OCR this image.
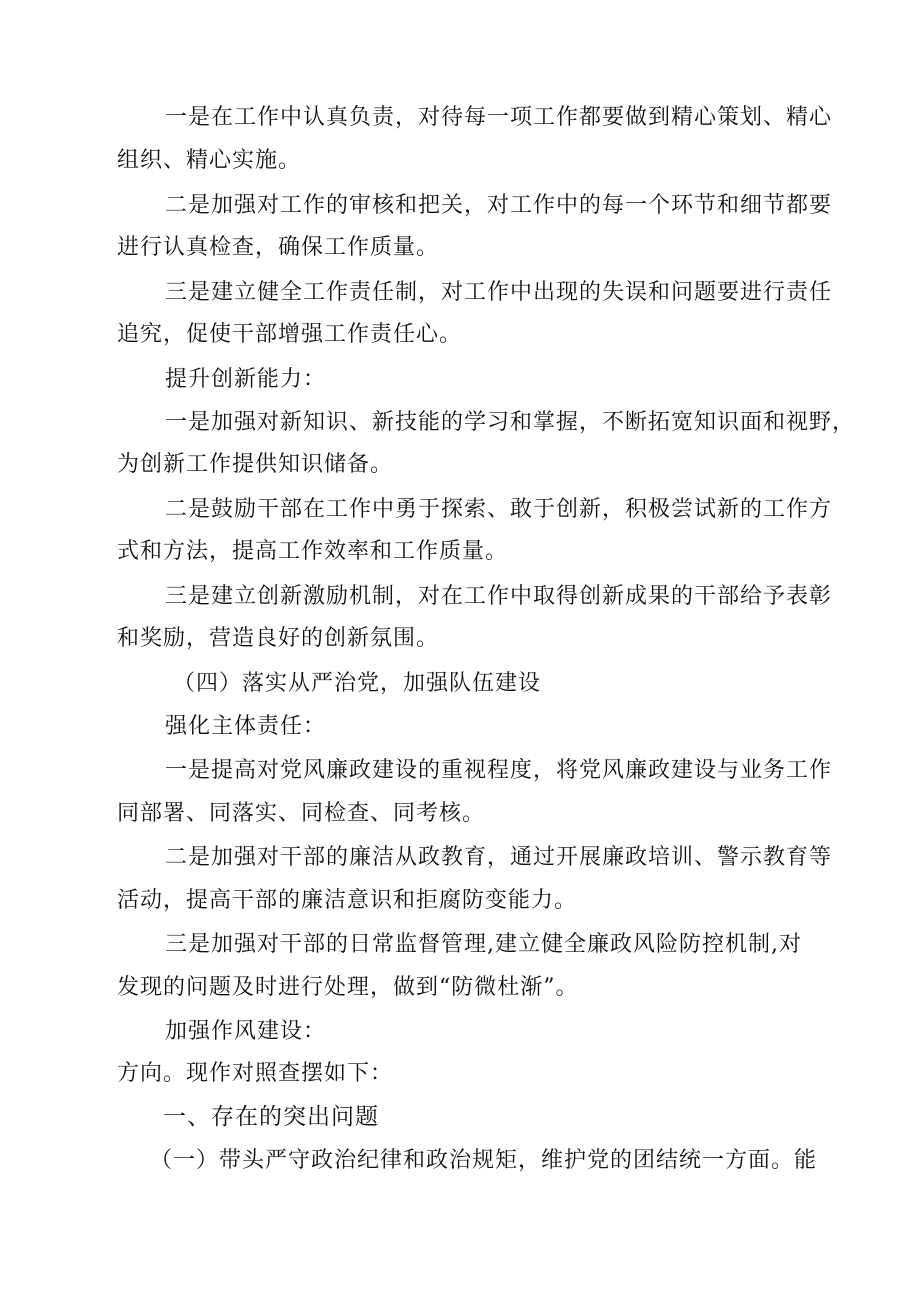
一是在工作中认真负责，对待每一项工作都要做到精心策划、精心
组织、精心实施。
二是加强对工作的审核和把关，对工作中的每一个环节和细节都要
进行认真检查，确保工作质量。
三是建立健全工作责任制，对工作中出现的失误和问题要进行责任
追究，促使干部增强工作责任心。
提升创新能力：
一是加强对新知识、新技能的学习和掌握，不断拓宽知识面和视野，
为创新工作提供知识储备。
二是鼓励干部在工作中勇于探索、敢于创新，积极尝试新的工作方
式和方法，提高工作效率和工作质量。
三是建立创新激励机制，对在工作中取得创新成果的干部给予表彰
和奖励，营造良好的创新氛围。
（四）落实从严治党，加强队伍建设
强化主体责任：
一是提高对党风廉政建设的重视程度，将党风廉政建设与业务工作
同部署、同落实、同检查、同考核。
二是加强对干部的廉洁从政教育，通过开展廉政培训、警示教育等
活动，提高干部的廉洁意识和拒腐防变能力。
三是加强对干部的日常监督管理,建立健全廉政风险防控机制,对
发现的问题及时进行处理，做到“防微杜渐”。
加强作风建设：
方向。现作对照查摆如下：
一、存在的突出问题
（一）带头严守政治纪律和政治规矩，维护党的团结统一方面。能
